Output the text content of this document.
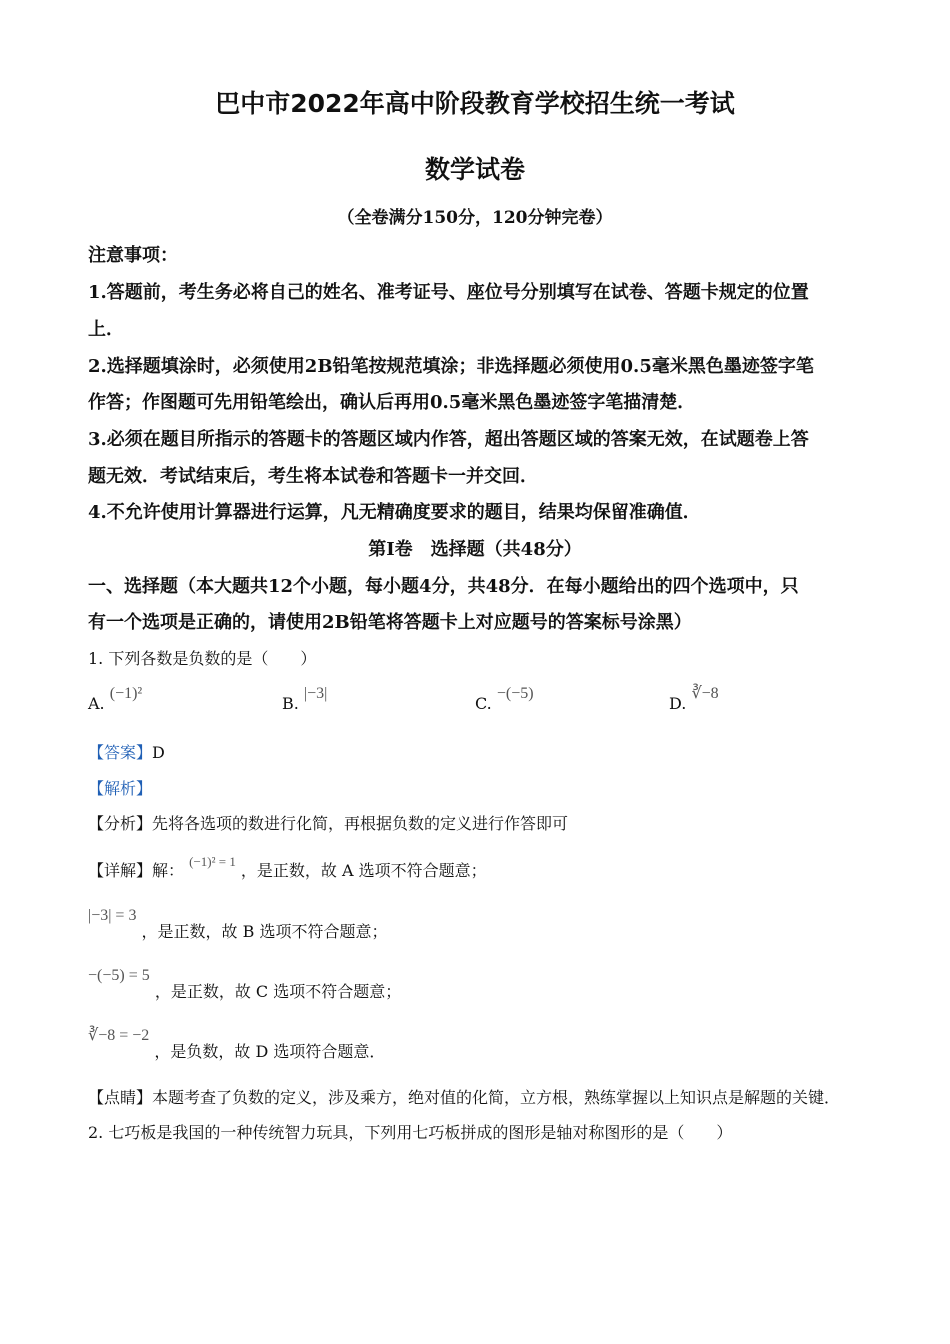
巴中市2022年高中阶段教育学校招生统一考试
数学试卷
（全卷满分150分，120分钟完卷）
注意事项：
1.答题前，考生务必将自己的姓名、准考证号、座位号分别填写在试卷、答题卡规定的位置
上．
2.选择题填涂时，必须使用2B铅笔按规范填涂；非选择题必须使用0.5毫米黑色墨迹签字笔
作答；作图题可先用铅笔绘出，确认后再用0.5毫米黑色墨迹签字笔描清楚．
3.必须在题目所指示的答题卡的答题区域内作答，超出答题区域的答案无效，在试题卷上答
题无效．考试结束后，考生将本试卷和答题卡一并交回．
4.不允许使用计算器进行运算，凡无精确度要求的题目，结果均保留准确值．
第Ⅰ卷　选择题（共48分）
一、选择题（本大题共12个小题，每小题4分，共48分．在每小题给出的四个选项中，只
有一个选项是正确的，请使用2B铅笔将答题卡上对应题号的答案标号涂黑）
1. 下列各数是负数的是（　　）
A. (−1)²
B. |−3|
C. −(−5)
D. ∛−8
【答案】D
【解析】
【分析】先将各选项的数进行化简，再根据负数的定义进行作答即可
【详解】解： (−1)² = 1 ，是正数，故 A 选项不符合题意；
|−3| = 3 ，是正数，故 B 选项不符合题意；
−(−5) = 5 ，是正数，故 C 选项不符合题意；
∛−8 = −2 ，是负数，故 D 选项符合题意．
【点睛】本题考查了负数的定义，涉及乘方，绝对值的化简，立方根，熟练掌握以上知识点是解题的关键．
2. 七巧板是我国的一种传统智力玩具，下列用七巧板拼成的图形是轴对称图形的是（　　）
